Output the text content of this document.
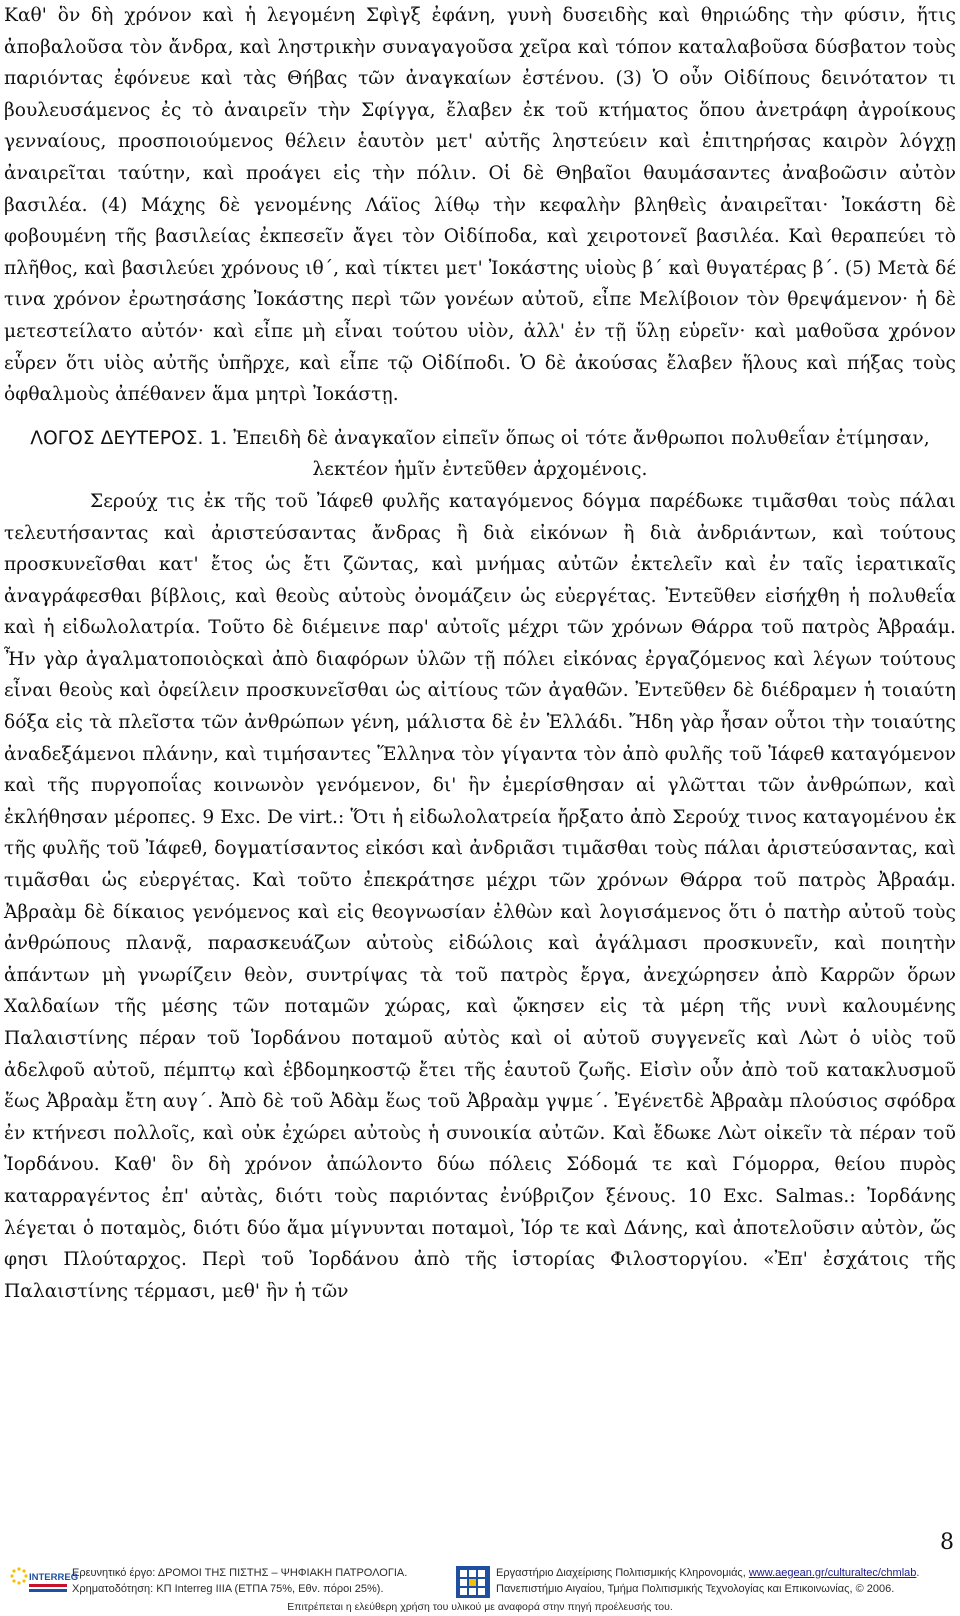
Καθ' ὃν δὴ χρόνον καὶ ἡ λεγομένη Σφὶγξ ἐφάνη, γυνὴ δυσειδὴς καὶ θηριώδης τὴν φύσιν, ἥτις ἀποβαλοῦσα τὸν ἄνδρα, καὶ ληστρικὴν συναγαγοῦσα χεῖρα καὶ τόπον καταλαβοῦσα δύσβατον τοὺς παριόντας ἐφόνευε καὶ τὰς Θήβας τῶν ἀναγκαίων ἐστένου. (3) Ὁ οὖν Οἰδίπους δεινότατον τι βουλευσάμενος ἐς τὸ ἀναιρεῖν τὴν Σφίγγα, ἔλαβεν ἐκ τοῦ κτήματος ὅπου ἀνετράφη ἀγροίκους γενναίους, προσποιούμενος θέλειν ἑαυτὸν μετ' αὐτῆς ληστεύειν καὶ ἐπιτηρήσας καιρὸν λόγχῃ ἀναιρεῖται ταύτην, καὶ προάγει εἰς τὴν πόλιν. Οἱ δὲ Θηβαῖοι θαυμάσαντες ἀναβοῶσιν αὐτὸν βασιλέα. (4) Μάχης δὲ γενομένης Λάϊος λίθῳ τὴν κεφαλὴν βληθεὶς ἀναιρεῖται· Ἰοκάστη δὲ φοβουμένη τῆς βασιλείας ἐκπεσεῖν ἄγει τὸν Οἰδίποδα, καὶ χειροτονεῖ βασιλέα. Καὶ θεραπεύει τὸ πλῆθος, καὶ βασιλεύει χρόνους ιθ´, καὶ τίκτει μετ' Ἰοκάστης υἱοὺς β´ καὶ θυγατέρας β´. (5) Μετὰ δέ τινα χρόνον ἐρωτησάσης Ἰοκάστης περὶ τῶν γονέων αὐτοῦ, εἶπε Μελίβοιον τὸν θρεψάμενον· ἡ δὲ μετεστείλατο αὐτόν· καὶ εἶπε μὴ εἶναι τούτου υἱὸν, ἀλλ' ἐν τῇ ὕλῃ εὑρεῖν· καὶ μαθοῦσα χρόνον εὗρεν ὅτι υἱὸς αὐτῆς ὑπῆρχε, καὶ εἶπε τῷ Οἰδίποδι. Ὁ δὲ ἀκούσας ἔλαβεν ἥλους καὶ πήξας τοὺς ὀφθαλμοὺς ἀπέθανεν ἅμα μητρὶ Ἰοκάστῃ.

ΛΟΓΟΣ ΔΕΥΤΕΡΟΣ. 1. Ἐπειδὴ δὲ ἀναγκαῖον εἰπεῖν ὅπως οἱ τότε ἄνθρωποι πολυθεΐαν ἐτίμησαν, λεκτέον ἡμῖν ἐντεῦθεν ἀρχομένοις.

Σερούχ τις ἐκ τῆς τοῦ Ἰάφεθ φυλῆς καταγόμενος δόγμα παρέδωκε τιμᾶσθαι τοὺς πάλαι τελευτήσαντας καὶ ἀριστεύσαντας ἄνδρας ἢ διὰ εἰκόνων ἢ διὰ ἀνδριάντων, καὶ τούτους προσκυνεῖσθαι κατ' ἔτος ὡς ἔτι ζῶντας, καὶ μνήμας αὐτῶν ἐκτελεῖν καὶ ἐν ταῖς ἱερατικαῖς ἀναγράφεσθαι βίβλοις, καὶ θεοὺς αὐτοὺς ὀνομάζειν ὡς εὐεργέτας. Ἐντεῦθεν εἰσήχθη ἡ πολυθεΐα καὶ ἡ εἰδωλολατρία. Τοῦτο δὲ διέμεινε παρ' αὐτοῖς μέχρι τῶν χρόνων Θάρρα τοῦ πατρὸς Ἀβραάμ. Ἦν γὰρ ἀγαλματοποιὸςκαὶ ἀπὸ διαφόρων ὑλῶν τῇ πόλει εἰκόνας ἐργαζόμενος καὶ λέγων τούτους εἶναι θεοὺς καὶ ὀφείλειν προσκυνεῖσθαι ὡς αἰτίους τῶν ἀγαθῶν. Ἐντεῦθεν δὲ διέδραμεν ἡ τοιαύτη δόξα εἰς τὰ πλεῖστα τῶν ἀνθρώπων γένη, μάλιστα δὲ ἐν Ἑλλάδι. Ἤδη γὰρ ἦσαν οὗτοι τὴν τοιαύτης ἀναδεξάμενοι πλάνην, καὶ τιμήσαντες Ἕλληνα τὸν γίγαντα τὸν ἀπὸ φυλῆς τοῦ Ἰάφεθ καταγόμενον καὶ τῆς πυργοποΐας κοινωνὸν γενόμενον, δι' ἣν ἐμερίσθησαν αἱ γλῶτται τῶν ἀνθρώπων, καὶ ἐκλήθησαν μέροπες. 9 Exc. De virt.: Ὅτι ἡ εἰδωλολατρεία ἤρξατο ἀπὸ Σερούχ τινος καταγομένου ἐκ τῆς φυλῆς τοῦ Ἰάφεθ, δογματίσαντος εἰκόσι καὶ ἀνδριᾶσι τιμᾶσθαι τοὺς πάλαι ἀριστεύσαντας, καὶ τιμᾶσθαι ὡς εὐεργέτας. Καὶ τοῦτο ἐπεκράτησε μέχρι τῶν χρόνων Θάρρα τοῦ πατρὸς Ἀβραάμ. Ἀβραὰμ δὲ δίκαιος γενόμενος καὶ εἰς θεογνωσίαν ἐλθὼν καὶ λογισάμενος ὅτι ὁ πατὴρ αὐτοῦ τοὺς ἀνθρώπους πλανᾷ, παρασκευάζων αὐτοὺς εἰδώλοις καὶ ἀγάλμασι προσκυνεῖν, καὶ ποιητὴν ἁπάντων μὴ γνωρίζειν θεὸν, συντρίψας τὰ τοῦ πατρὸς ἔργα, ἀνεχώρησεν ἀπὸ Καρρῶν ὅρων Χαλδαίων τῆς μέσης τῶν ποταμῶν χώρας, καὶ ᾤκησεν εἰς τὰ μέρη τῆς νυνὶ καλουμένης Παλαιστίνης πέραν τοῦ Ἰορδάνου ποταμοῦ αὐτὸς καὶ οἱ αὐτοῦ συγγενεῖς καὶ Λὼτ ὁ υἱὸς τοῦ ἀδελφοῦ αὐτοῦ, πέμπτῳ καὶ ἑβδομηκοστῷ ἔτει τῆς ἑαυτοῦ ζωῆς. Εἰσὶν οὖν ἀπὸ τοῦ κατακλυσμοῦ ἕως Ἀβραὰμ ἔτη αυγ´. Ἀπὸ δὲ τοῦ Ἀδὰμ ἕως τοῦ Ἀβραὰμ γψμε´. Ἐγένετδὲ Ἀβραὰμ πλούσιος σφόδρα ἐν κτήνεσι πολλοῖς, καὶ οὐκ ἐχώρει αὐτοὺς ἡ συνοικία αὐτῶν. Καὶ ἔδωκε Λὼτ οἰκεῖν τὰ πέραν τοῦ Ἰορδάνου. Καθ' ὃν δὴ χρόνον ἀπώλοντο δύω πόλεις Σόδομά τε καὶ Γόμορρα, θείου πυρὸς καταρραγέντος ἐπ' αὐτὰς, διότι τοὺς παριόντας ἐνύβριζον ξένους. 10 Exc. Salmas.: Ἰορδάνης λέγεται ὁ ποταμὸς, διότι δύο ἅμα μίγνυνται ποταμοὶ, Ἰόρ τε καὶ Δάνης, καὶ ἀποτελοῦσιν αὐτὸν, ὥς φησι Πλούταρχος. Περὶ τοῦ Ἰορδάνου ἀπὸ τῆς ἱστορίας Φιλοστοργίου. «Ἐπ' ἐσχάτοις τῆς Παλαιστίνης τέρμασι, μεθ' ἣν ἡ τῶν

8
INTERREG
Ερευνητικό έργο: ΔΡΟΜΟΙ ΤΗΣ ΠΙΣΤΗΣ – ΨΗΦΙΑΚΗ ΠΑΤΡΟΛΟΓΙΑ.
Χρηματοδότηση: ΚΠ Interreg IIIA (ΕΤΠΑ 75%, Εθν. πόροι 25%).
Εργαστήριο Διαχείρισης Πολιτισμικής Κληρονομιάς, www.aegean.gr/culturaltec/chmlab.
Πανεπιστήμιο Αιγαίου, Τμήμα Πολιτισμικής Τεχνολογίας και Επικοινωνίας, © 2006.
Επιτρέπεται η ελεύθερη χρήση του υλικού με αναφορά στην πηγή προέλευσής του.
